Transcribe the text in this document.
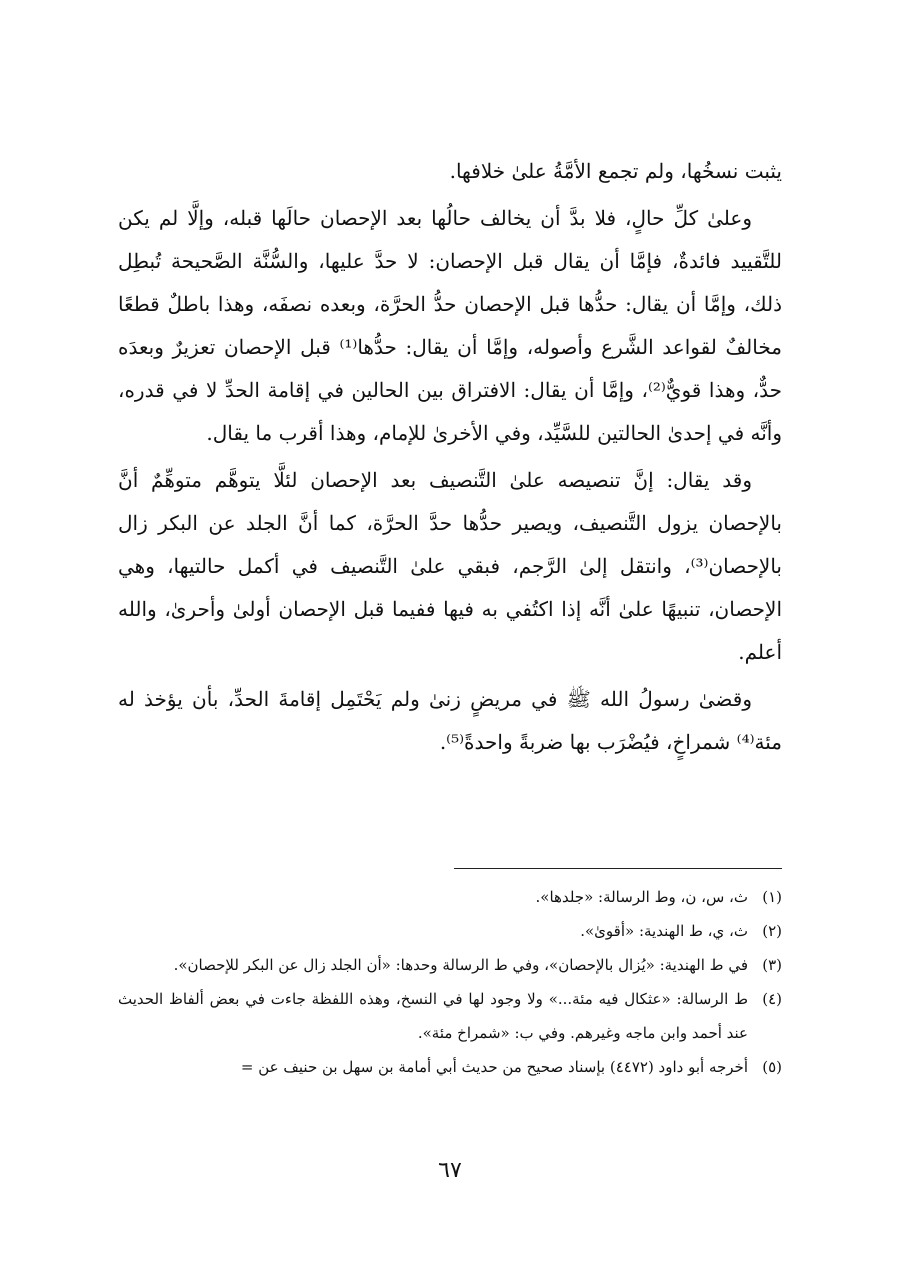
يثبت نسخُها، ولم تجمع الأمَّةُ علىٰ خلافها.

وعلىٰ كلِّ حالٍ، فلا بدَّ أن يخالف حالُها بعد الإحصان حالَها قبله، وإلَّا لم يكن للتَّقييد فائدةٌ، فإمَّا أن يقال قبل الإحصان: لا حدَّ عليها، والسُّنَّة الصَّحيحة تُبطِل ذلك، وإمَّا أن يقال: حدُّها قبل الإحصان حدُّ الحرَّة، وبعده نصفَه، وهذا باطلٌ قطعًا مخالفٌ لقواعد الشَّرع وأصوله، وإمَّا أن يقال: حدُّها⁽¹⁾ قبل الإحصان تعزيرٌ وبعدَه حدٌّ، وهذا قويٌّ⁽²⁾، وإمَّا أن يقال: الافتراق بين الحالين في إقامة الحدِّ لا في قدره، وأنَّه في إحدىٰ الحالتين للسَّيِّد، وفي الأخرىٰ للإمام، وهذا أقرب ما يقال.

وقد يقال: إنَّ تنصيصه علىٰ التَّنصيف بعد الإحصان لئلَّا يتوهَّم متوهِّمٌ أنَّ بالإحصان يزول التَّنصيف، ويصير حدُّها حدَّ الحرَّة، كما أنَّ الجلد عن البكر زال بالإحصان⁽³⁾، وانتقل إلىٰ الرَّجم، فبقي علىٰ التَّنصيف في أكمل حالتيها، وهي الإحصان، تنبيهًا علىٰ أنَّه إذا اكتُفي به فيها ففيما قبل الإحصان أولىٰ وأحرىٰ، والله أعلم.

وقضىٰ رسولُ الله ﷺ في مريضٍ زنىٰ ولم يَحْتَمِل إقامةَ الحدِّ، بأن يؤخذ له مئة⁽⁴⁾ شمراخٍ، فيُضْرَب بها ضربةً واحدةً⁽⁵⁾.

(١)
ث، س، ن، وط الرسالة: «جلدها».
(٢)
ث، ي، ط الهندية: «أقوىٰ».
(٣)
في ط الهندية: «يُزال بالإحصان»، وفي ط الرسالة وحدها: «أن الجلد زال عن البكر للإحصان».
(٤)
ط الرسالة: «عثكال فيه مئة...» ولا وجود لها في النسخ، وهذه اللفظة جاءت في بعض ألفاظ الحديث عند أحمد وابن ماجه وغيرهم. وفي ب: «شمراخ مئة».
(٥)
أخرجه أبو داود (٤٤٧٢) بإسناد صحيح من حديث أبي أمامة بن سهل بن حنيف عن =
٦٧
